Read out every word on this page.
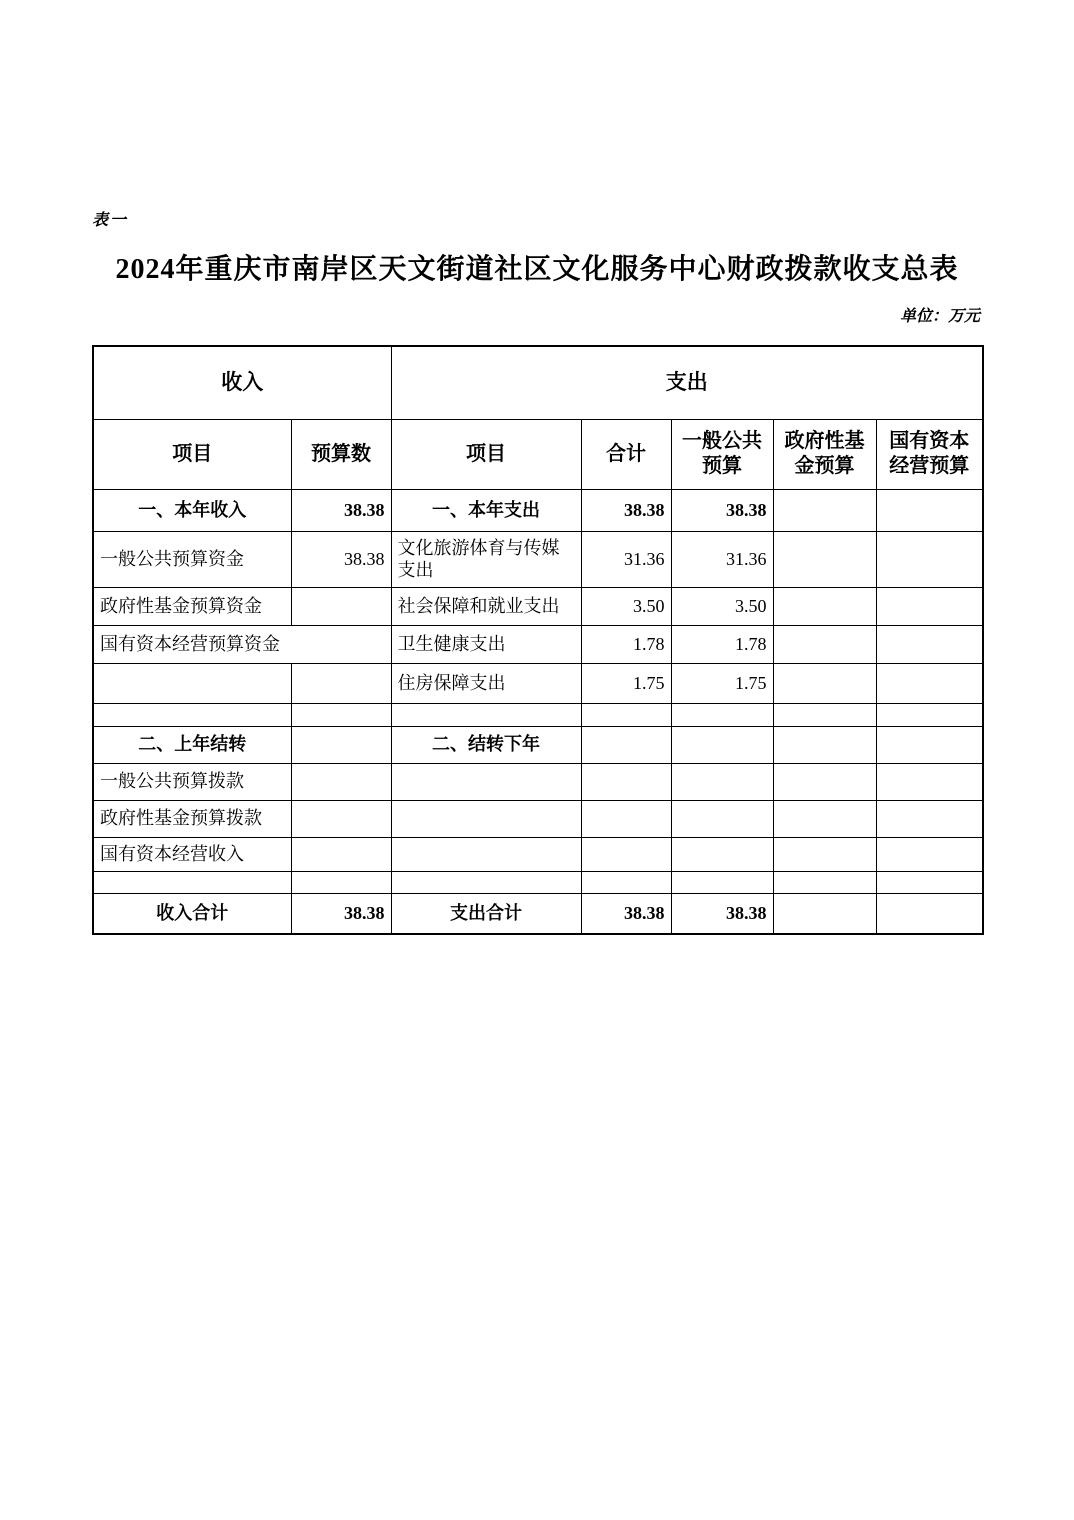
表一
2024年重庆市南岸区天文街道社区文化服务中心财政拨款收支总表
单位：万元
收入		支出				
项目	预算数	项目	合计	一般公共预算	政府性基金预算	国有资本经营预算
一、本年收入	38.38	一、本年支出	38.38	38.38		
一般公共预算资金	38.38	文化旅游体育与传媒支出	31.36	31.36		
政府性基金预算资金		社会保障和就业支出	3.50	3.50		
国有资本经营预算资金		卫生健康支出	1.78	1.78		
		住房保障支出	1.75	1.75		

二、上年结转		二、结转下年				
一般公共预算拨款						
政府性基金预算拨款						
国有资本经营收入						

收入合计	38.38	支出合计	38.38	38.38		
